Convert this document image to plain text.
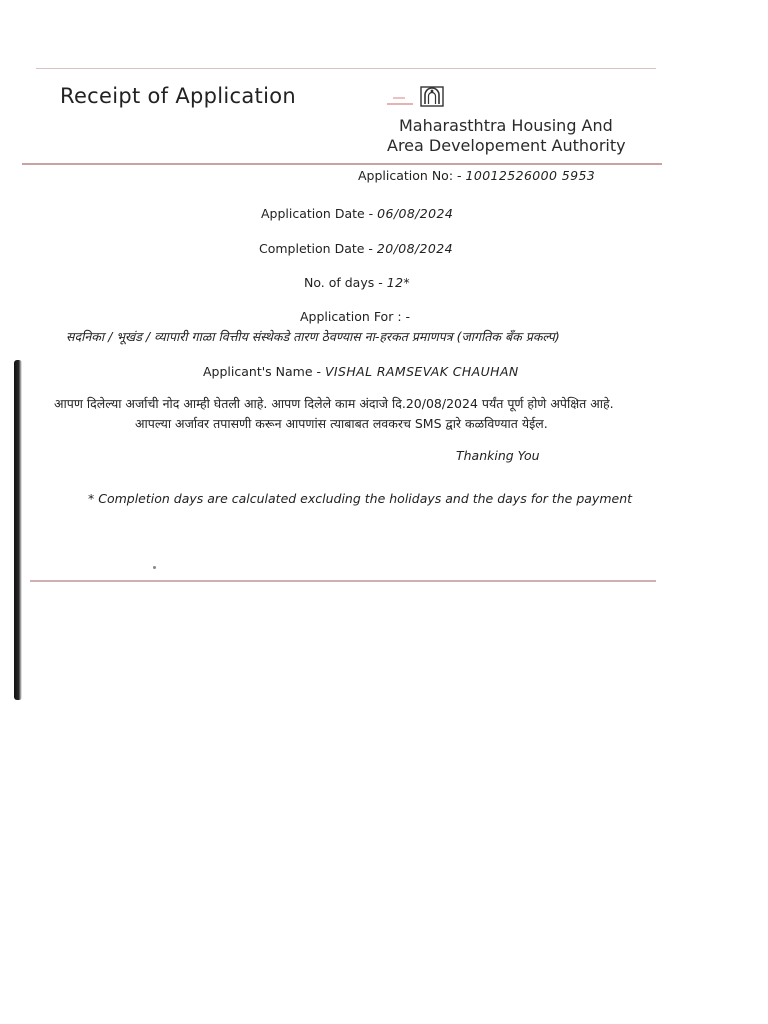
Receipt of Application
Maharasthtra Housing And
Area Developement Authority
Application No: - 10012526000 5953
Application Date - 06/08/2024
Completion Date - 20/08/2024
No. of days - 12*
Application For : -
सदनिका / भूखंड / व्यापारी गाळा वित्तीय संस्थेकडे तारण ठेवण्यास ना-हरकत प्रमाणपत्र (जागतिक बँक प्रकल्प)
Applicant's Name - VISHAL RAMSEVAK CHAUHAN
आपण दिलेल्या अर्जाची नोद आम्ही घेतली आहे. आपण दिलेले काम अंदाजे दि.20/08/2024 पर्यंत पूर्ण होणे अपेक्षित आहे.
आपल्या अर्जावर तपासणी करून आपणांस त्याबाबत लवकरच SMS द्वारे कळविण्यात येईल.
Thanking You
* Completion days are calculated excluding the holidays and the days for the payment
